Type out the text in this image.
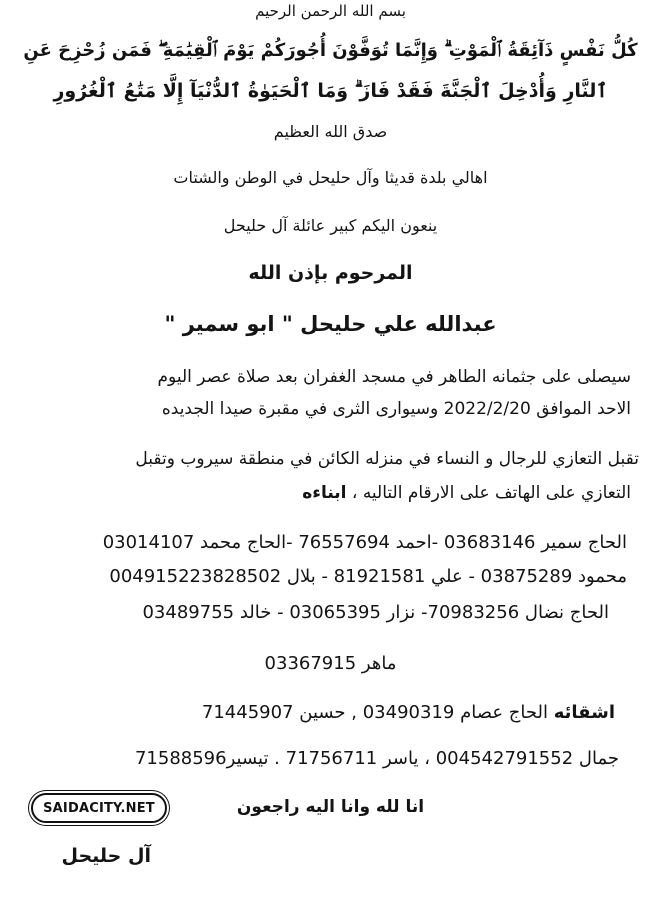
بسم الله الرحمن الرحيم
كُلُّ نَفْسٍ ذَآئِقَةُ ٱلْمَوْتِ ۗ وَإِنَّمَا تُوَفَّوْنَ أُجُورَكُمْ يَوْمَ ٱلْقِيَٰمَةِ ۖ فَمَن زُحْزِحَ عَنِ
ٱلنَّارِ وَأُدْخِلَ ٱلْجَنَّةَ فَقَدْ فَازَ ۗ وَمَا ٱلْحَيَوٰةُ ٱلدُّنْيَآ إِلَّا مَتَٰعُ ٱلْغُرُورِ
صدق الله العظيم
اهالي بلدة قديثا وآل حليحل في الوطن والشتات
ينعون اليكم كبير عائلة آل حليحل
المرحوم بإذن الله
عبدالله علي حليحل " ابو سمير "
سيصلى على جثمانه الطاهر في مسجد الغفران بعد صلاة عصر اليوم
الاحد الموافق 2022/2/20 وسيوارى الثرى في مقبرة صيدا الجديده
تقبل التعازي للرجال و النساء في منزله الكائن في منطقة سيروب وتقبل
التعازي على الهاتف على الارقام التاليه ، ابناءه
الحاج سمير 03683146 -احمد 76557694 -الحاج محمد 03014107
محمود 03875289 - علي 81921581 - بلال 004915223828502
الحاج نضال 70983256- نزار 03065395 - خالد 03489755
ماهر 03367915
اشقائه الحاج عصام 03490319 , حسين 71445907
جمال 004542791552 ، ياسر 71756711 . تيسير71588596
انا لله وانا اليه راجعون
آل حليحل
SAIDACITY.NET
